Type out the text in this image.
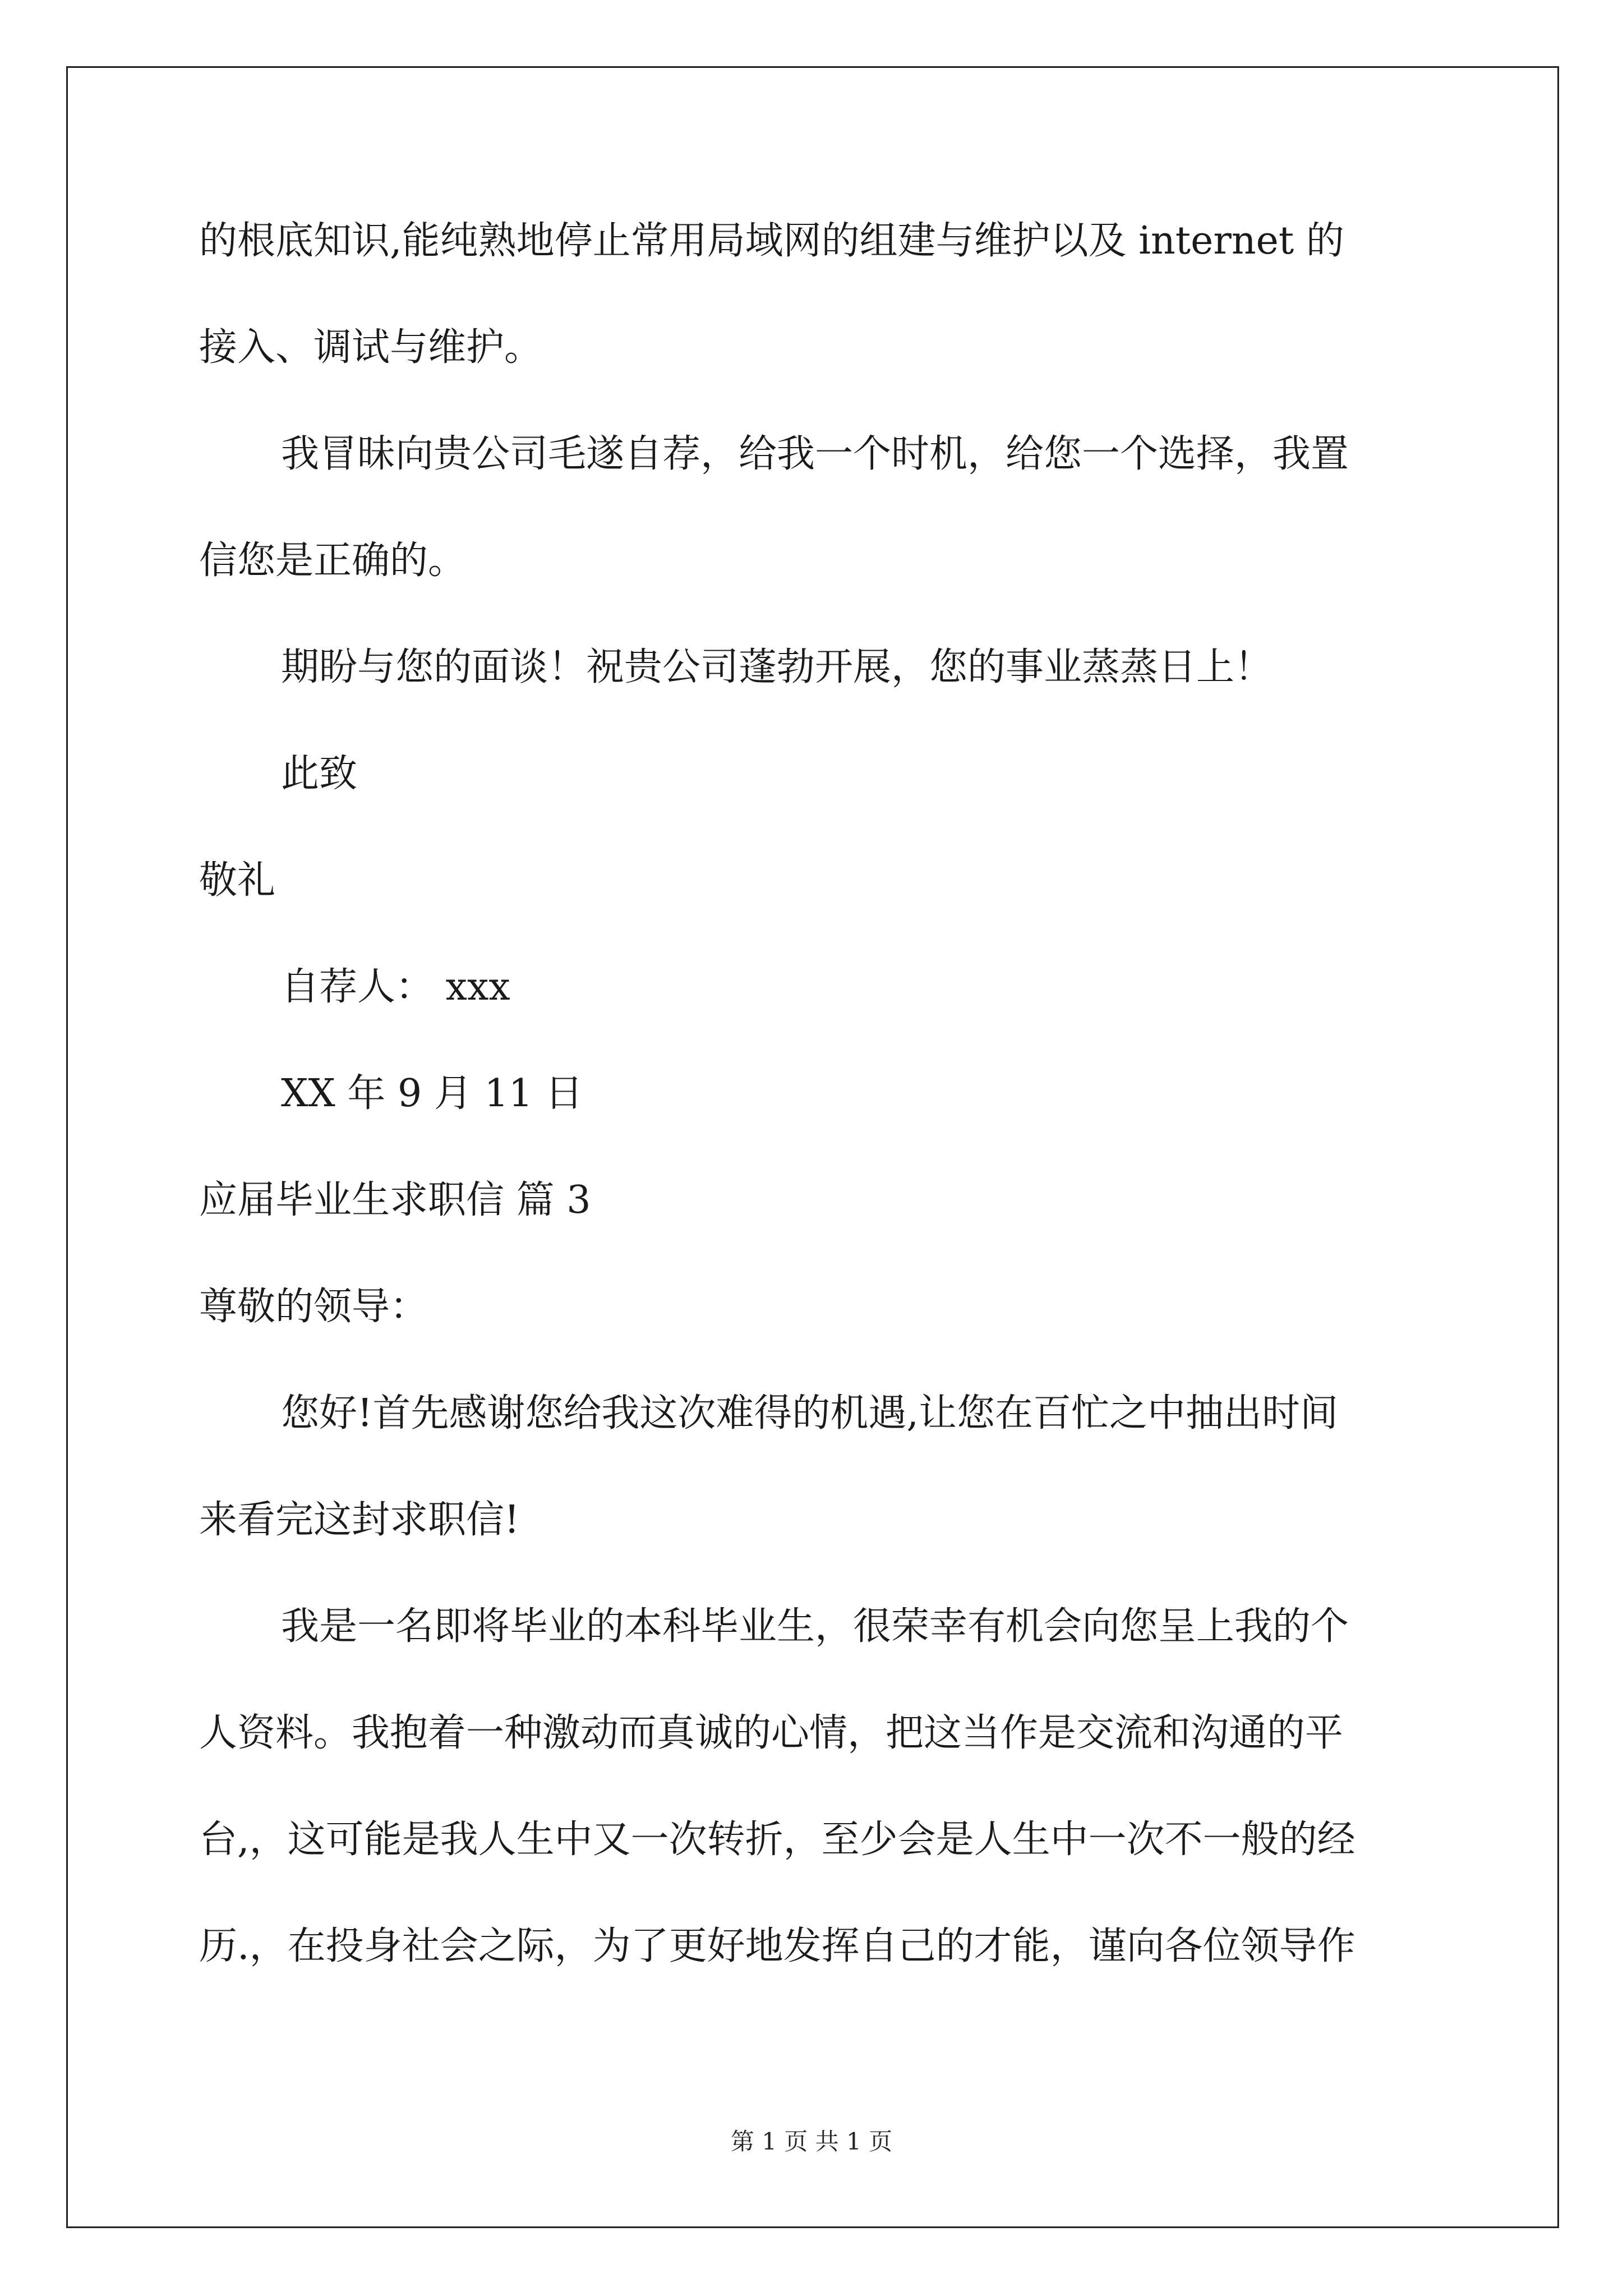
的根底知识,能纯熟地停止常用局域网的组建与维护以及 internet 的

接入、调试与维护。

我冒昧向贵公司毛遂自荐，给我一个时机，给您一个选择，我置

信您是正确的。

期盼与您的面谈！祝贵公司蓬勃开展，您的事业蒸蒸日上！

此致

敬礼

自荐人： xxx

XX 年 9 月 11 日

应届毕业生求职信 篇 3

尊敬的领导：

您好!首先感谢您给我这次难得的机遇,让您在百忙之中抽出时间

来看完这封求职信!

我是一名即将毕业的本科毕业生，很荣幸有机会向您呈上我的个

人资料。我抱着一种激动而真诚的心情，把这当作是交流和沟通的平

台,，这可能是我人生中又一次转折，至少会是人生中一次不一般的经

历.，在投身社会之际，为了更好地发挥自己的才能，谨向各位领导作

第 1 页 共 1 页
